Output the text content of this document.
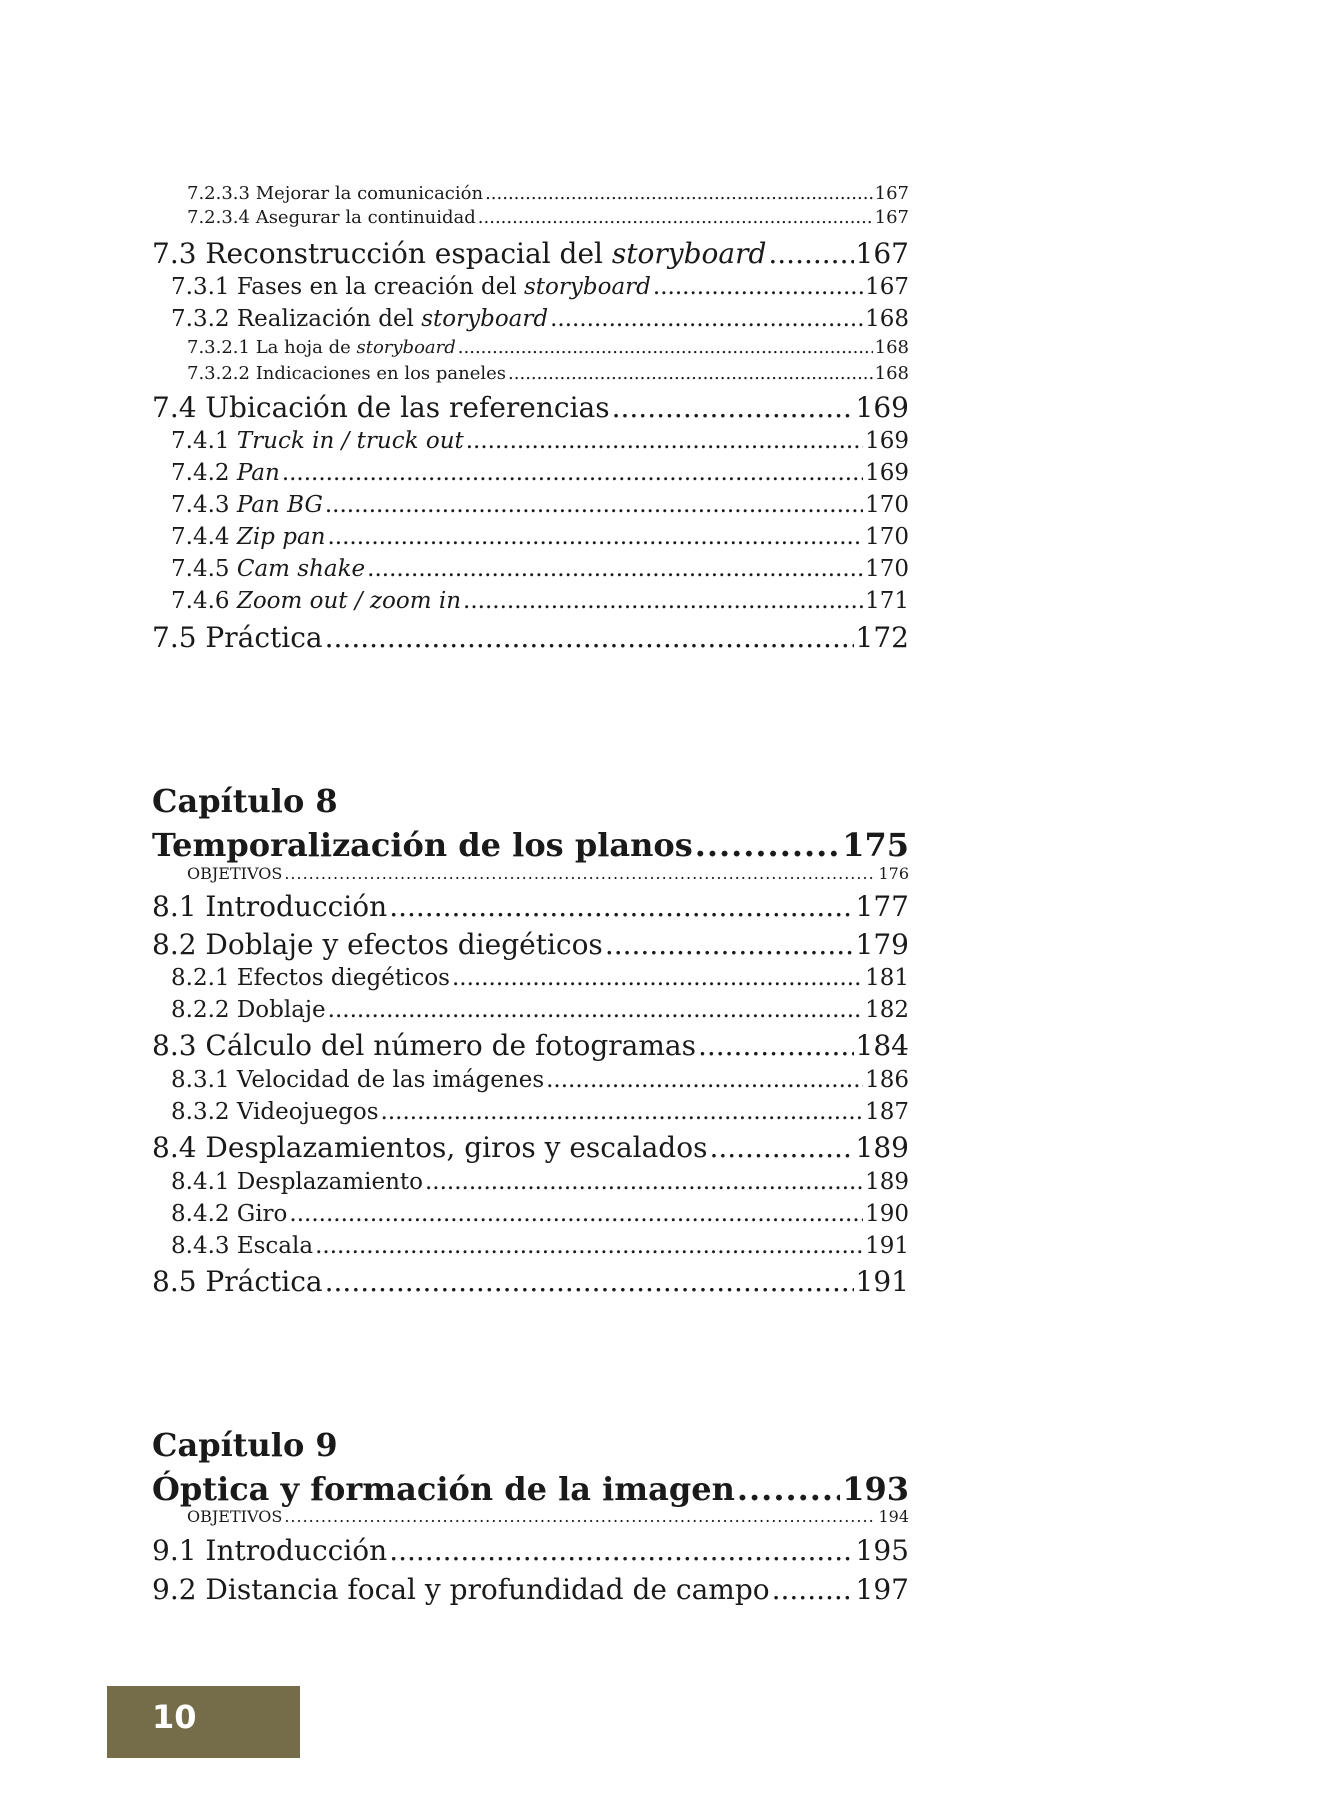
7.2.3.3 Mejorar la comunicación .....	167
7.2.3.4 Asegurar la continuidad .....	167
7.3 Reconstrucción espacial del storyboard .....	167
7.3.1 Fases en la creación del storyboard .....	167
7.3.2 Realización del storyboard .....	168
7.3.2.1 La hoja de storyboard .....	168
7.3.2.2 Indicaciones en los paneles .....	168
7.4 Ubicación de las referencias .....	169
7.4.1 Truck in / truck out .....	169
7.4.2 Pan .....	169
7.4.3 Pan BG .....	170
7.4.4 Zip pan .....	170
7.4.5 Cam shake .....	170
7.4.6 Zoom out / zoom in .....	171
7.5 Práctica .....	172
Capítulo 8
Temporalización de los planos .....	175
OBJETIVOS .....	176
8.1 Introducción .....	177
8.2 Doblaje y efectos diegéticos .....	179
8.2.1 Efectos diegéticos .....	181
8.2.2 Doblaje .....	182
8.3 Cálculo del número de fotogramas .....	184
8.3.1 Velocidad de las imágenes .....	186
8.3.2 Videojuegos .....	187
8.4 Desplazamientos, giros y escalados .....	189
8.4.1 Desplazamiento .....	189
8.4.2 Giro .....	190
8.4.3 Escala .....	191
8.5 Práctica .....	191
Capítulo 9
Óptica y formación de la imagen .....	193
OBJETIVOS .....	194
9.1 Introducción .....	195
9.2 Distancia focal y profundidad de campo .....	197
10
